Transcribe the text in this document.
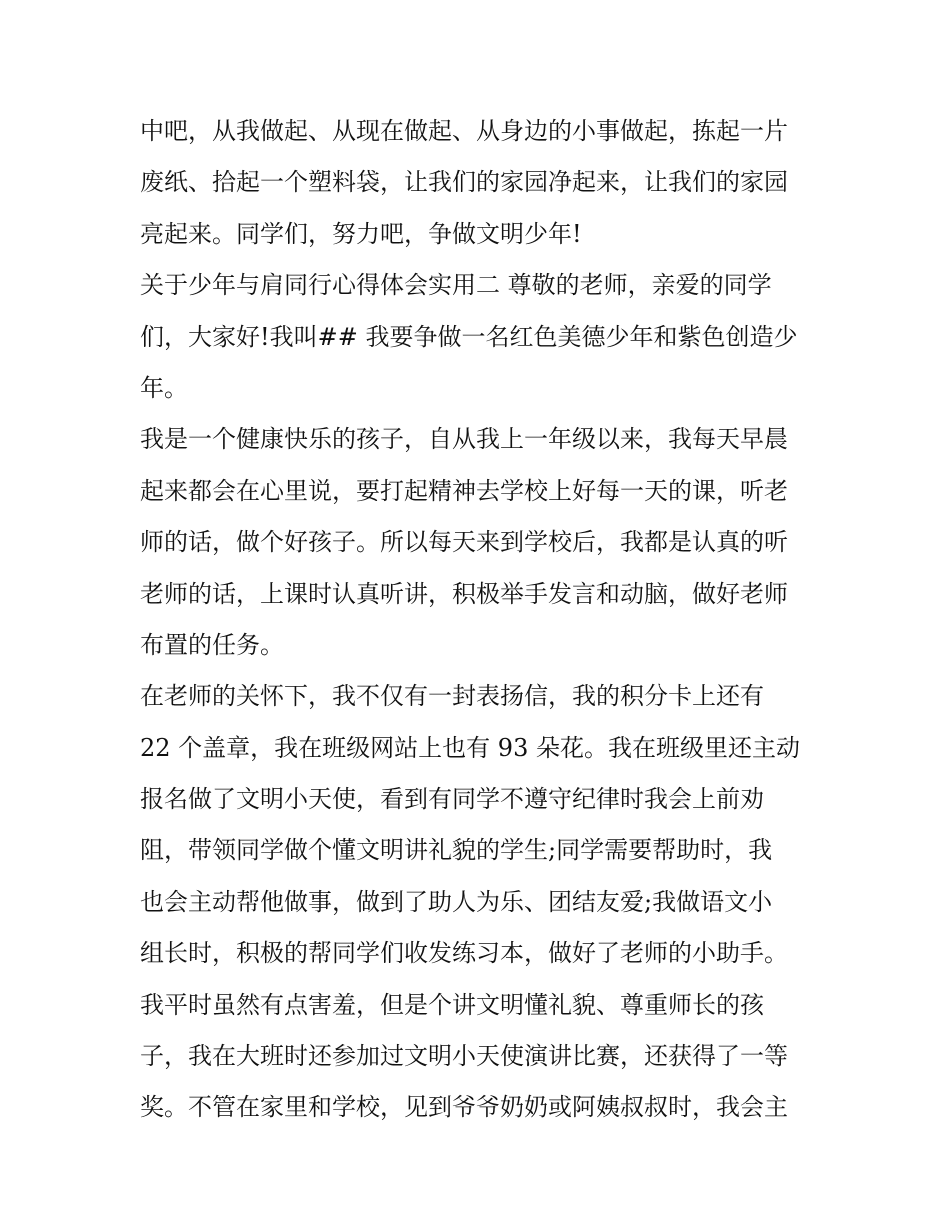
中吧，从我做起、从现在做起、从身边的小事做起，拣起一片
废纸、拾起一个塑料袋，让我们的家园净起来，让我们的家园
亮起来。同学们，努力吧，争做文明少年!
关于少年与肩同行心得体会实用二 尊敬的老师，亲爱的同学
们，大家好!我叫## 我要争做一名红色美德少年和紫色创造少
年。
我是一个健康快乐的孩子，自从我上一年级以来，我每天早晨
起来都会在心里说，要打起精神去学校上好每一天的课，听老
师的话，做个好孩子。所以每天来到学校后，我都是认真的听
老师的话，上课时认真听讲，积极举手发言和动脑，做好老师
布置的任务。
在老师的关怀下，我不仅有一封表扬信，我的积分卡上还有
22 个盖章，我在班级网站上也有 93 朵花。我在班级里还主动
报名做了文明小天使，看到有同学不遵守纪律时我会上前劝
阻，带领同学做个懂文明讲礼貌的学生;同学需要帮助时，我
也会主动帮他做事，做到了助人为乐、团结友爱;我做语文小
组长时，积极的帮同学们收发练习本，做好了老师的小助手。
我平时虽然有点害羞，但是个讲文明懂礼貌、尊重师长的孩
子，我在大班时还参加过文明小天使演讲比赛，还获得了一等
奖。不管在家里和学校，见到爷爷奶奶或阿姨叔叔时，我会主
